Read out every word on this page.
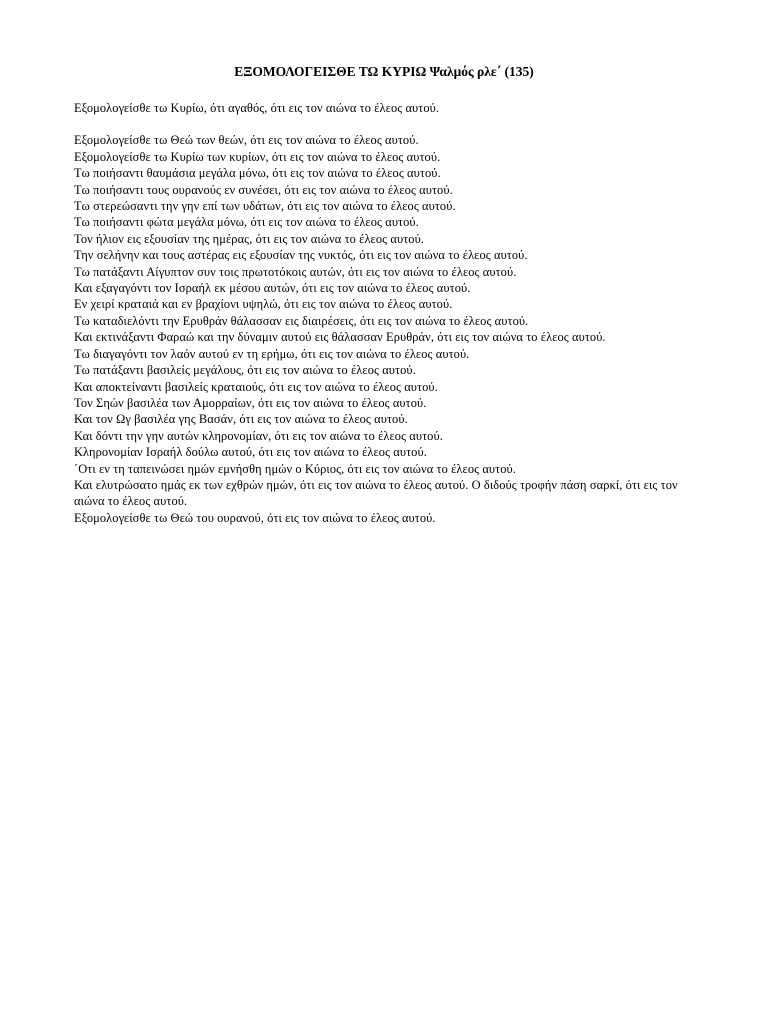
ΕΞΟΜΟΛΟΓΕΙΣΘΕ ΤΩ ΚΥΡΙΩ Ψαλμός ρλε΄ (135)

Εξομολογείσθε τω Κυρίω, ότι αγαθός, ότι εις τον αιώνα το έλεος αυτού.

Εξομολογείσθε τω Θεώ των θεών, ότι εις τον αιώνα το έλεος αυτού.

Εξομολογείσθε τω Κυρίω των κυρίων, ότι εις τον αιώνα το έλεος αυτού.

Τω ποιήσαντι θαυμάσια μεγάλα μόνω, ότι εις τον αιώνα το έλεος αυτού.

Τω ποιήσαντι τους ουρανούς εν συνέσει, ότι εις τον αιώνα το έλεος αυτού.

Τω στερεώσαντι την γην επί των υδάτων, ότι εις τον αιώνα το έλεος αυτού.

Τω ποιήσαντι φώτα μεγάλα μόνω, ότι εις τον αιώνα το έλεος αυτού.

Τον ήλιον εις εξουσίαν της ημέρας, ότι εις τον αιώνα το έλεος αυτού.

Την σελήνην και τους αστέρας εις εξουσίαν της νυκτός, ότι εις τον αιώνα το έλεος αυτού.

Τω πατάξαντι Αίγυπτον συν τοις πρωτοτόκοις αυτών, ότι εις τον αιώνα το έλεος αυτού.

Και εξαγαγόντι τον Ισραήλ εκ μέσου αυτών, ότι εις τον αιώνα το έλεος αυτού.

Εν χειρί κραταιά και εν βραχίονι υψηλώ, ότι εις τον αιώνα το έλεος αυτού.

Τω καταδιελόντι την Ερυθράν θάλασσαν εις διαιρέσεις, ότι εις τον αιώνα το έλεος αυτού.

Και εκτινάξαντι Φαραώ και την δύναμιν αυτού εις θάλασσαν Ερυθράν, ότι εις τον αιώνα το έλεος αυτού.

Τω διαγαγόντι τον λαόν αυτού εν τη ερήμω, ότι εις τον αιώνα το έλεος αυτού.

Τω πατάξαντι βασιλείς μεγάλους, ότι εις τον αιώνα το έλεος αυτού.

Και αποκτείναντι βασιλείς κραταιούς, ότι εις τον αιώνα το έλεος αυτού.

Τον Σηών βασιλέα των Αμορραίων, ότι εις τον αιώνα το έλεος αυτού.

Και τον Ωγ βασιλέα γης Βασάν, ότι εις τον αιώνα το έλεος αυτού.

Και δόντι την γην αυτών κληρονομίαν, ότι εις τον αιώνα το έλεος αυτού.

Κληρονομίαν Ισραήλ δούλω αυτού, ότι εις τον αιώνα το έλεος αυτού.

΄Οτι εν τη ταπεινώσει ημών εμνήσθη ημών ο Κύριος, ότι εις τον αιώνα το έλεος αυτού.

Και ελυτρώσατο ημάς εκ των εχθρών ημών, ότι εις τον αιώνα το έλεος αυτού. Ο διδούς τροφήν πάση σαρκί, ότι εις τον αιώνα το έλεος αυτού.

Εξομολογείσθε τω Θεώ του ουρανού, ότι εις τον αιώνα το έλεος αυτού.
